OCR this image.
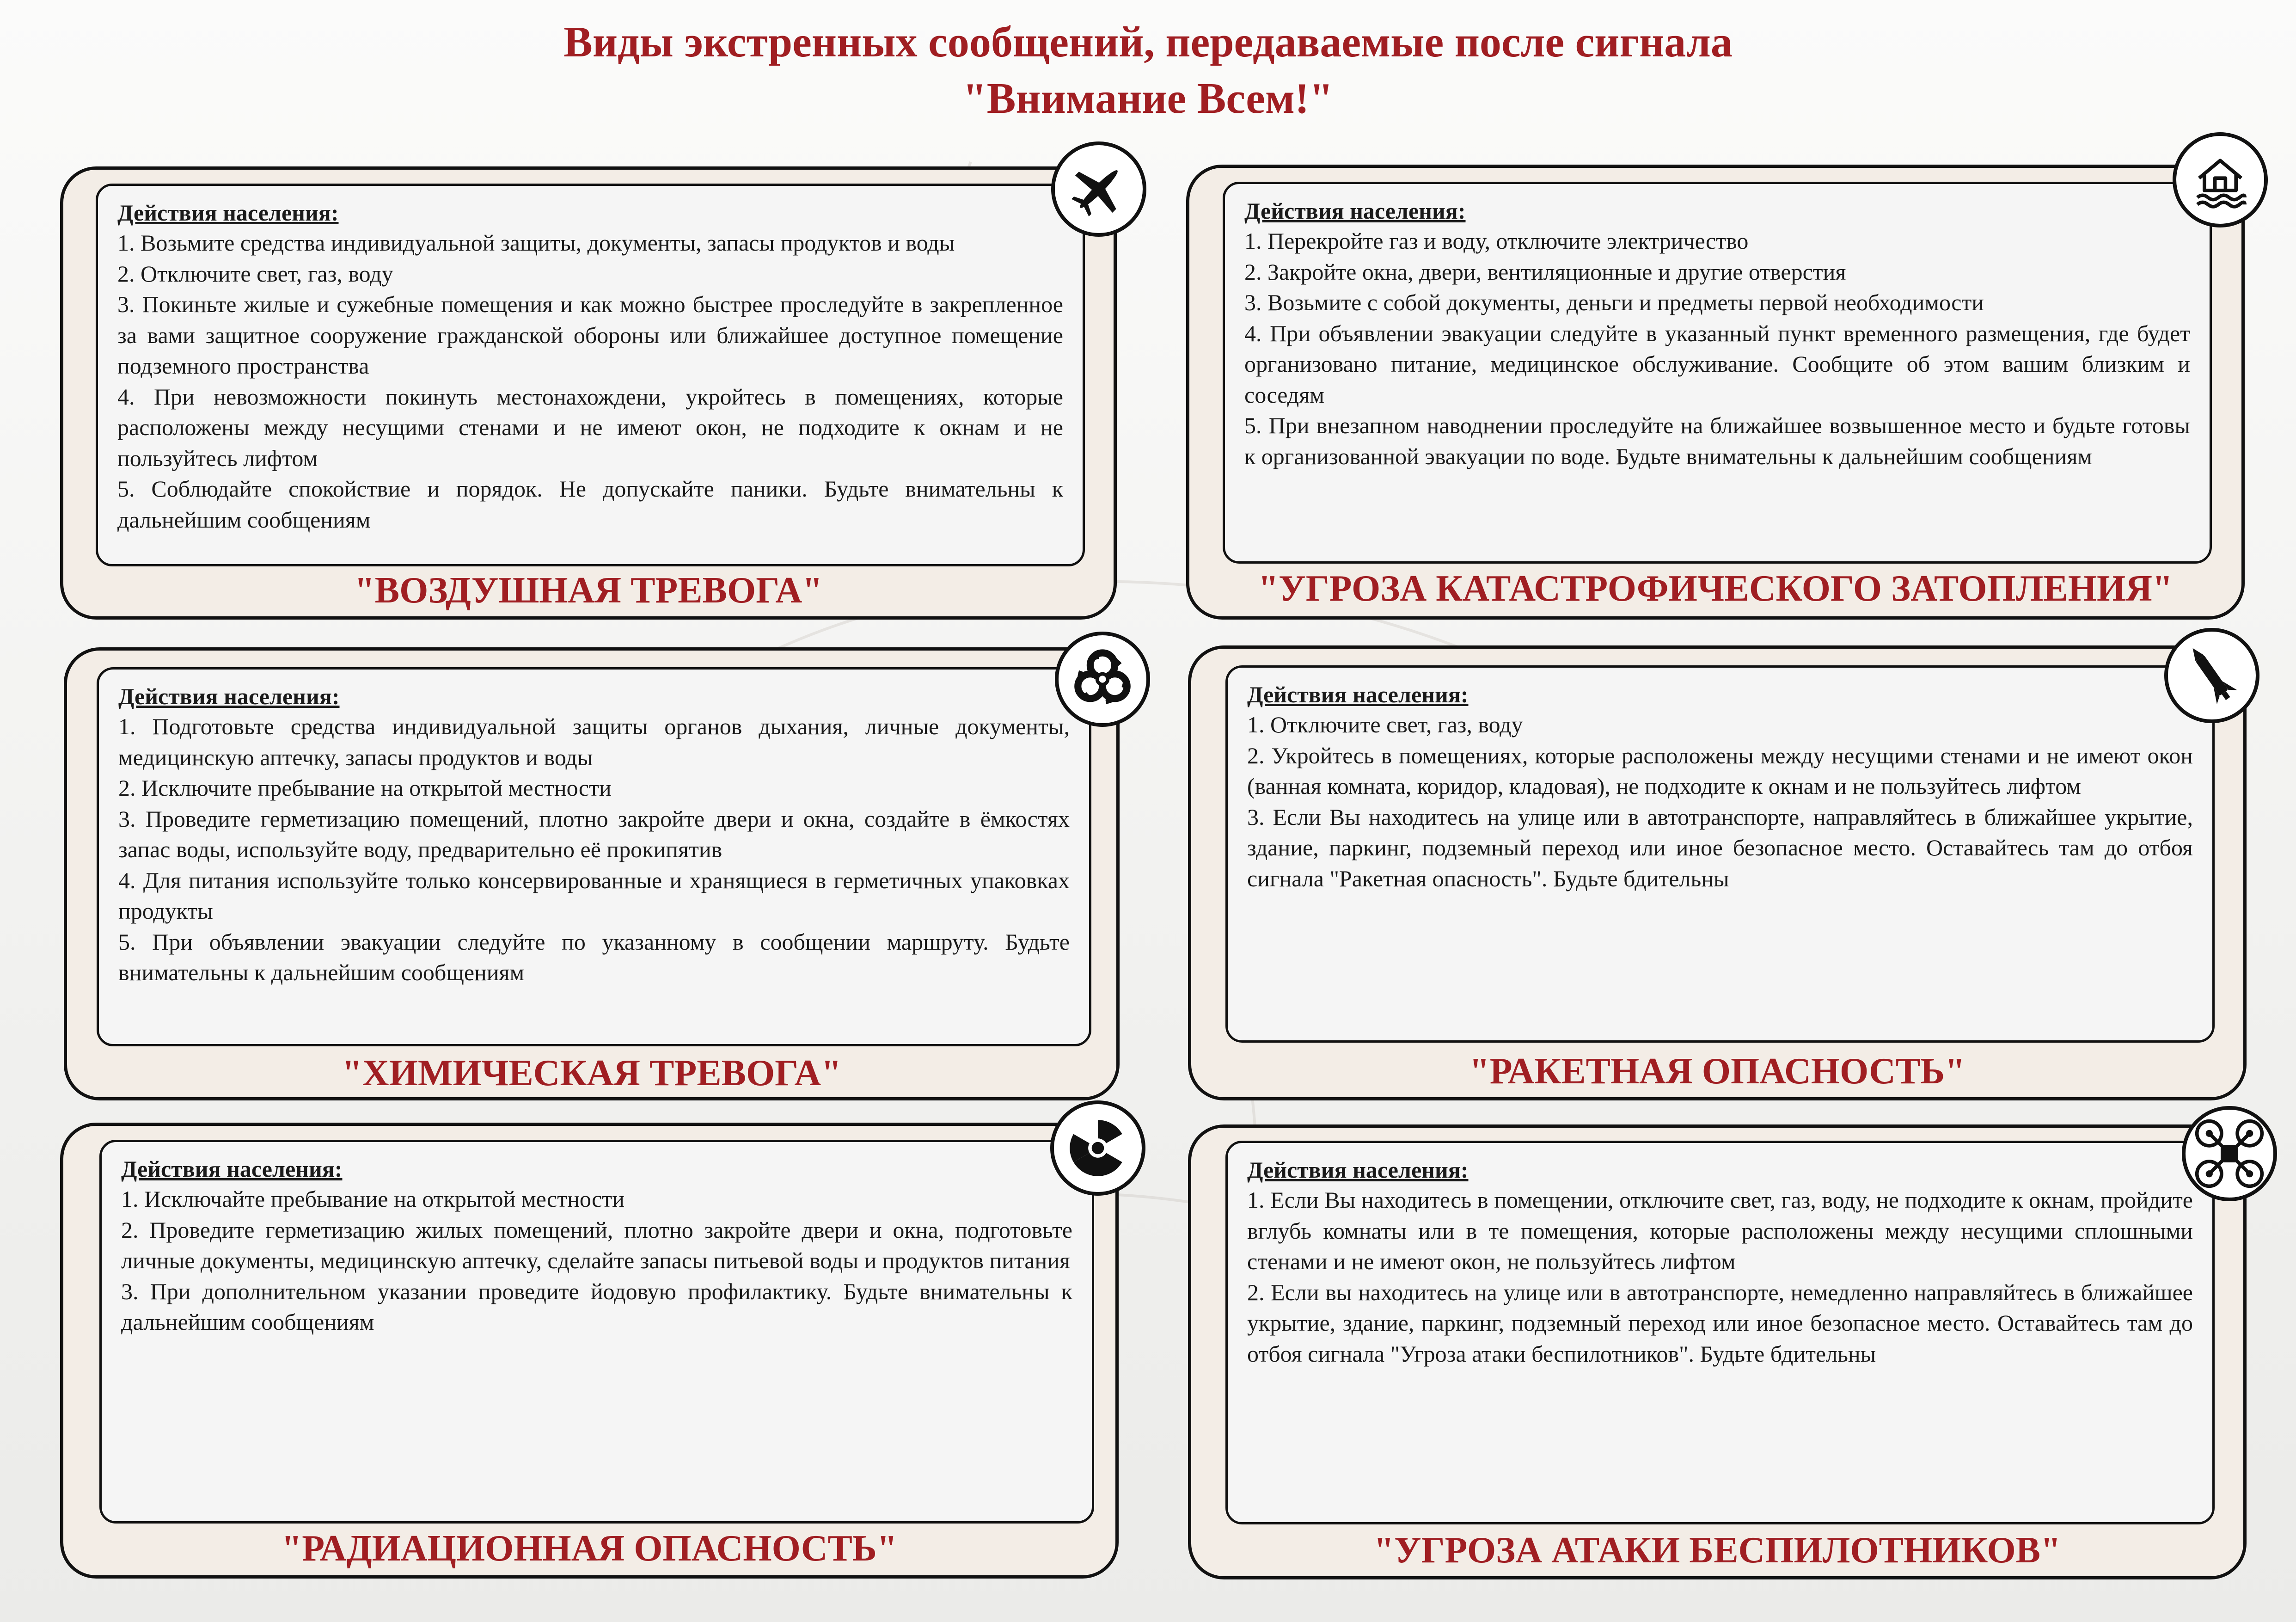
Виды экстренных сообщений, передаваемые после сигнала
"Внимание Всем!"
Действия населения:
1. Возьмите средства индивидуальной защиты, документы, запасы продуктов и воды
2. Отключите свет, газ, воду
3. Покиньте жилые и сужебные помещения и как можно быстрее проследуйте в закрепленное за вами защитное сооружение гражданской обороны или ближайшее доступное помещение подземного пространства
4. При невозможности покинуть местонахождени, укройтесь в помещениях, которые расположены между несущими стенами и не имеют окон, не подходите к окнам и не пользуйтесь лифтом
5. Соблюдайте спокойствие и порядок. Не допускайте паники. Будьте внимательны к дальнейшим сообщениям
"ВОЗДУШНАЯ ТРЕВОГА"
Действия населения:
1. Перекройте газ и воду, отключите электричество
2. Закройте окна, двери, вентиляционные и другие отверстия
3. Возьмите с собой документы, деньги и предметы первой необходимости
4. При объявлении эвакуации следуйте в указанный пункт временного размещения, где будет организовано питание, медицинское обслуживание. Сообщите об этом вашим близким и соседям
5. При внезапном наводнении проследуйте на ближайшее возвышенное место и будьте готовы к организованной эвакуации по воде. Будьте внимательны к дальнейшим сообщениям
"УГРОЗА КАТАСТРОФИЧЕСКОГО ЗАТОПЛЕНИЯ"
Действия населения:
1. Подготовьте средства индивидуальной защиты органов дыхания, личные документы, медицинскую аптечку, запасы продуктов и воды
2. Исключите пребывание на открытой местности
3. Проведите герметизацию помещений, плотно закройте двери и окна, создайте в ёмкостях запас воды, используйте воду, предварительно её прокипятив
4. Для питания используйте только консервированные и хранящиеся в герметичных упаковках продукты
5. При объявлении эвакуации следуйте по указанному в сообщении маршруту. Будьте внимательны к дальнейшим сообщениям
"ХИМИЧЕСКАЯ ТРЕВОГА"
Действия населения:
1. Отключите свет, газ, воду
2. Укройтесь в помещениях, которые расположены между несущими стенами и не имеют окон (ванная комната, коридор, кладовая), не подходите к окнам и не пользуйтесь лифтом
3. Если Вы находитесь на улице или в автотранспорте, направляйтесь в ближайшее укрытие, здание, паркинг, подземный переход или иное безопасное место. Оставайтесь там до отбоя сигнала "Ракетная опасность". Будьте бдительны
"РАКЕТНАЯ ОПАСНОСТЬ"
Действия населения:
1. Исключайте пребывание на открытой местности
2. Проведите герметизацию жилых помещений, плотно закройте двери и окна, подготовьте личные документы, медицинскую аптечку, сделайте запасы питьевой воды и продуктов питания
3. При дополнительном указании проведите йодовую профилактику. Будьте внимательны к дальнейшим сообщениям
"РАДИАЦИОННАЯ ОПАСНОСТЬ"
Действия населения:
1. Если Вы находитесь в помещении, отключите свет, газ, воду, не подходите к окнам, пройдите вглубь комнаты или в те помещения, которые расположены между несущими сплошными стенами и не имеют окон, не пользуйтесь лифтом
2. Если вы находитесь на улице или в автотранспорте, немедленно направляйтесь в ближайшее укрытие, здание, паркинг, подземный переход или иное безопасное место. Оставайтесь там до отбоя сигнала "Угроза атаки беспилотников". Будьте бдительны
"УГРОЗА АТАКИ БЕСПИЛОТНИКОВ"
